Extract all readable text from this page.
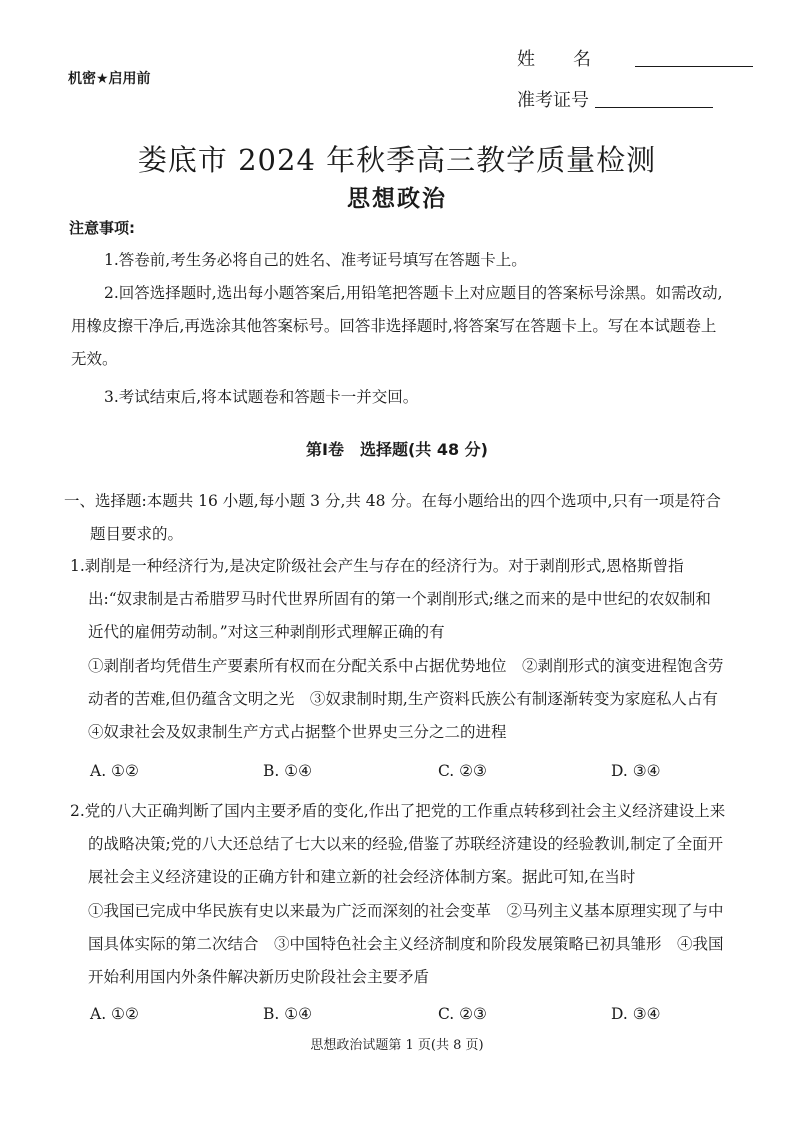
机密★启用前
姓名
准考证号
娄底市 2024 年秋季高三教学质量检测
思想政治
注意事项:
1.答卷前,考生务必将自己的姓名、准考证号填写在答题卡上。
2.回答选择题时,选出每小题答案后,用铅笔把答题卡上对应题目的答案标号涂黑。如需改动,用橡皮擦干净后,再选涂其他答案标号。回答非选择题时,将答案写在答题卡上。写在本试题卷上无效。
3.考试结束后,将本试题卷和答题卡一并交回。
第Ⅰ卷　选择题(共 48 分)
一、选择题:本题共 16 小题,每小题 3 分,共 48 分。在每小题给出的四个选项中,只有一项是符合题目要求的。
1.剥削是一种经济行为,是决定阶级社会产生与存在的经济行为。对于剥削形式,恩格斯曾指出:“奴隶制是古希腊罗马时代世界所固有的第一个剥削形式;继之而来的是中世纪的农奴制和近代的雇佣劳动制。”对这三种剥削形式理解正确的有
①剥削者均凭借生产要素所有权而在分配关系中占据优势地位　②剥削形式的演变进程饱含劳动者的苦难,但仍蕴含文明之光　③奴隶制时期,生产资料氏族公有制逐渐转变为家庭私人占有　④奴隶社会及奴隶制生产方式占据整个世界史三分之二的进程
A. ①②	B. ①④	C. ②③	D. ③④
2.党的八大正确判断了国内主要矛盾的变化,作出了把党的工作重点转移到社会主义经济建设上来的战略决策;党的八大还总结了七大以来的经验,借鉴了苏联经济建设的经验教训,制定了全面开展社会主义经济建设的正确方针和建立新的社会经济体制方案。据此可知,在当时
①我国已完成中华民族有史以来最为广泛而深刻的社会变革　②马列主义基本原理实现了与中国具体实际的第二次结合　③中国特色社会主义经济制度和阶段发展策略已初具雏形　④我国开始利用国内外条件解决新历史阶段社会主要矛盾
A. ①②	B. ①④	C. ②③	D. ③④
思想政治试题第 1 页(共 8 页)
